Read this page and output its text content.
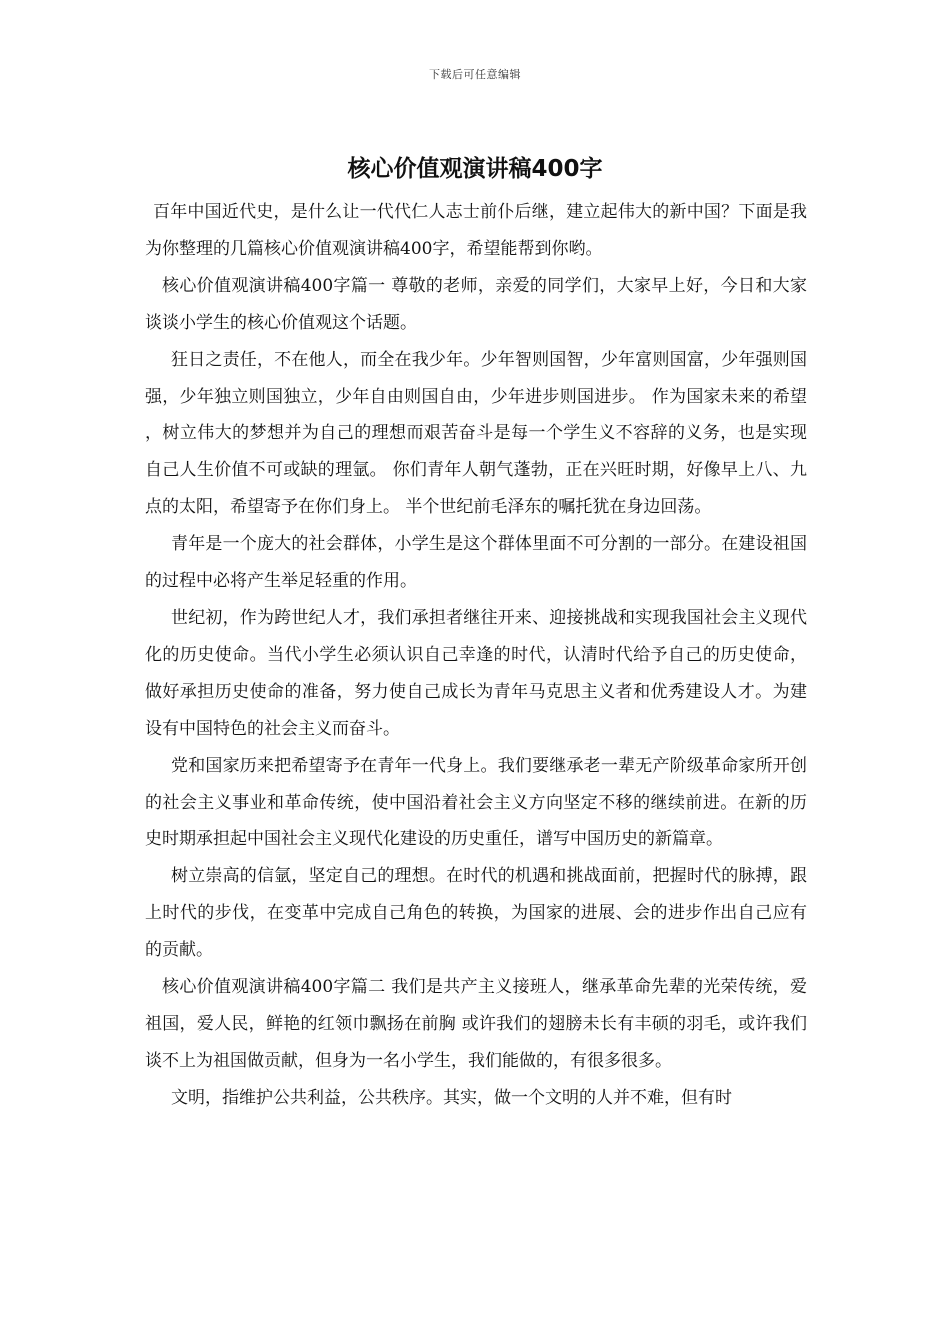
下载后可任意编辑
核心价值观演讲稿400字

百年中国近代史，是什么让一代代仁人志士前仆后继，建立起伟大的新中国？下面是我为你整理的几篇核心价值观演讲稿400字，希望能帮到你哟。

核心价值观演讲稿400字篇一 尊敬的老师，亲爱的同学们，大家早上好，今日和大家谈谈小学生的核心价值观这个话题。

狂日之责任，不在他人，而全在我少年。少年智则国智，少年富则国富，少年强则国强，少年独立则国独立，少年自由则国自由，少年进步则国进步。 作为国家未来的希望，树立伟大的梦想并为自己的理想而艰苦奋斗是每一个学生义不容辞的义务，也是实现自己人生价值不可或缺的理氩。 你们青年人朝气蓬勃，正在兴旺时期，好像早上八、九点的太阳，希望寄予在你们身上。 半个世纪前毛泽东的嘱托犹在身边回荡。

青年是一个庞大的社会群体，小学生是这个群体里面不可分割的一部分。在建设祖国的过程中必将产生举足轻重的作用。

世纪初，作为跨世纪人才，我们承担者继往开来、迎接挑战和实现我国社会主义现代化的历史使命。当代小学生必须认识自己幸逢的时代，认清时代给予自己的历史使命，做好承担历史使命的准备，努力使自己成长为青年马克思主义者和优秀建设人才。为建设有中国特色的社会主义而奋斗。

党和国家历来把希望寄予在青年一代身上。我们要继承老一辈无产阶级革命家所开创的社会主义事业和革命传统，使中国沿着社会主义方向坚定不移的继续前进。在新的历史时期承担起中国社会主义现代化建设的历史重任，谱写中国历史的新篇章。

树立崇高的信氩，坚定自己的理想。在时代的机遇和挑战面前，把握时代的脉搏，跟上时代的步伐，在变革中完成自己角色的转换，为国家的进展、会的进步作出自己应有的贡献。

核心价值观演讲稿400字篇二 我们是共产主义接班人，继承革命先辈的光荣传统，爱祖国，爱人民，鲜艳的红领巾飘扬在前胸 或许我们的翅膀未长有丰硕的羽毛，或许我们谈不上为祖国做贡献，但身为一名小学生，我们能做的，有很多很多。

文明，指维护公共利益，公共秩序。其实，做一个文明的人并不难，但有时
